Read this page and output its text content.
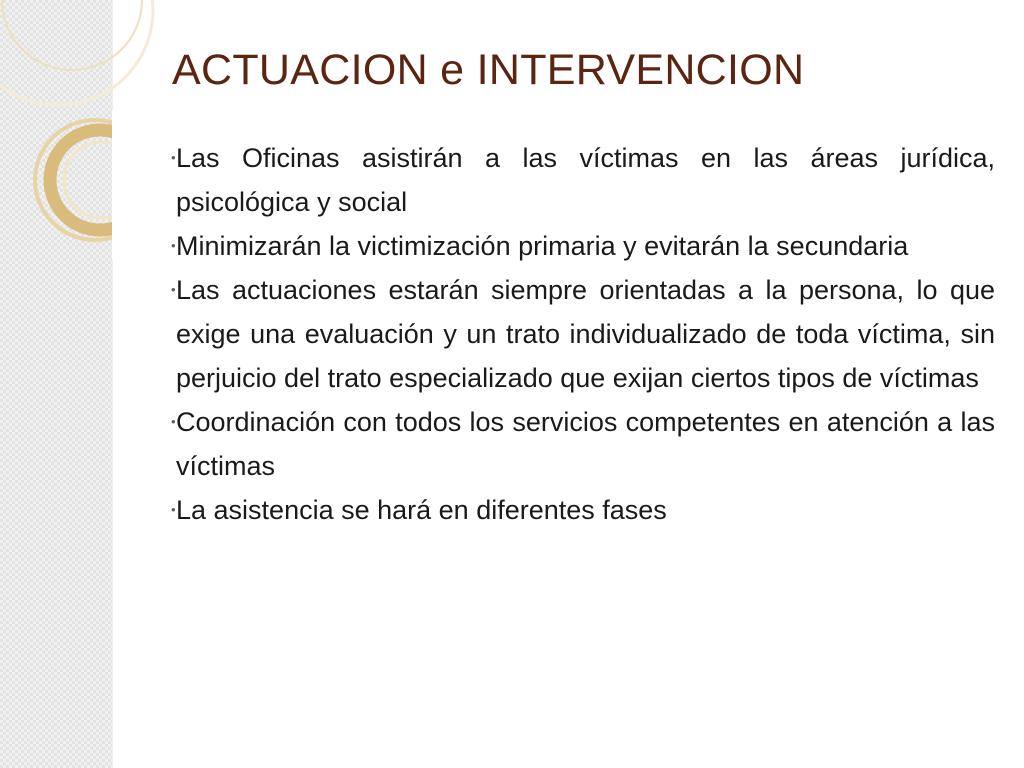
ACTUACION e INTERVENCION
• Las Oficinas asistirán a las víctimas en las áreas jurídica, psicológica y social
• Minimizarán la victimización primaria y evitarán la secundaria
• Las actuaciones estarán siempre orientadas a la persona, lo que exige una evaluación y un trato individualizado de toda víctima, sin perjuicio del trato especializado que exijan ciertos tipos de víctimas
• Coordinación con todos los servicios competentes en atención a las víctimas
• La asistencia se hará en diferentes fases
